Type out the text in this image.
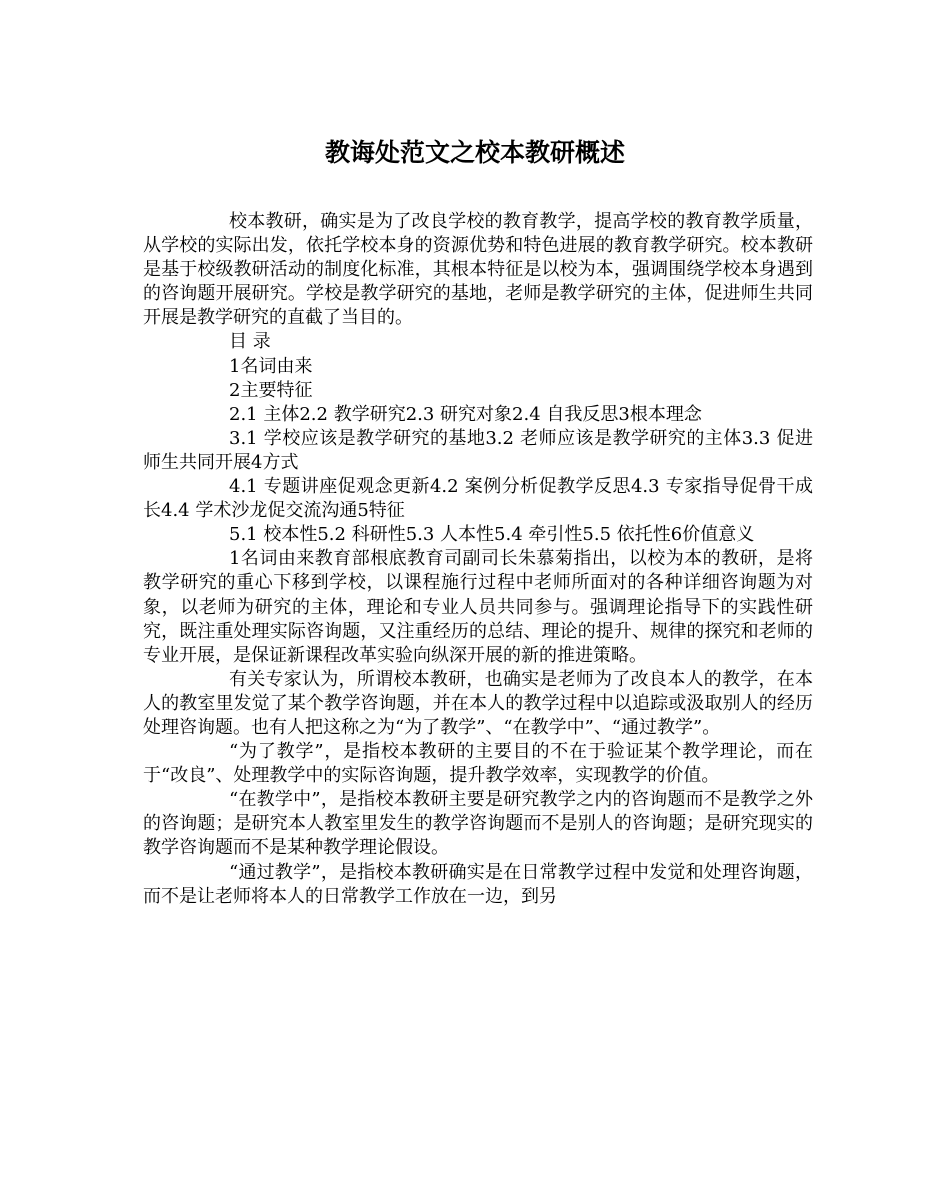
教诲处范文之校本教研概述

校本教研，确实是为了改良学校的教育教学，提高学校的教育教学质量，从学校的实际出发，依托学校本身的资源优势和特色进展的教育教学研究。校本教研是基于校级教研活动的制度化标准，其根本特征是以校为本，强调围绕学校本身遇到的咨询题开展研究。学校是教学研究的基地，老师是教学研究的主体，促进师生共同开展是教学研究的直截了当目的。

目 录

1名词由来

2主要特征

2.1 主体2.2 教学研究2.3 研究对象2.4 自我反思3根本理念

3.1 学校应该是教学研究的基地3.2 老师应该是教学研究的主体3.3 促进师生共同开展4方式

4.1 专题讲座促观念更新4.2 案例分析促教学反思4.3 专家指导促骨干成长4.4 学术沙龙促交流沟通5特征

5.1 校本性5.2 科研性5.3 人本性5.4 牵引性5.5 依托性6价值意义

1名词由来教育部根底教育司副司长朱慕菊指出，以校为本的教研，是将教学研究的重心下移到学校，以课程施行过程中老师所面对的各种详细咨询题为对象，以老师为研究的主体，理论和专业人员共同参与。强调理论指导下的实践性研究，既注重处理实际咨询题，又注重经历的总结、理论的提升、规律的探究和老师的专业开展，是保证新课程改革实验向纵深开展的新的推进策略。

有关专家认为，所谓校本教研，也确实是老师为了改良本人的教学，在本人的教室里发觉了某个教学咨询题，并在本人的教学过程中以追踪或汲取别人的经历处理咨询题。也有人把这称之为“为了教学”、“在教学中”、“通过教学”。

“为了教学”，是指校本教研的主要目的不在于验证某个教学理论，而在于“改良”、处理教学中的实际咨询题，提升教学效率，实现教学的价值。

“在教学中”，是指校本教研主要是研究教学之内的咨询题而不是教学之外的咨询题；是研究本人教室里发生的教学咨询题而不是别人的咨询题；是研究现实的教学咨询题而不是某种教学理论假设。

“通过教学”，是指校本教研确实是在日常教学过程中发觉和处理咨询题，而不是让老师将本人的日常教学工作放在一边，到另
